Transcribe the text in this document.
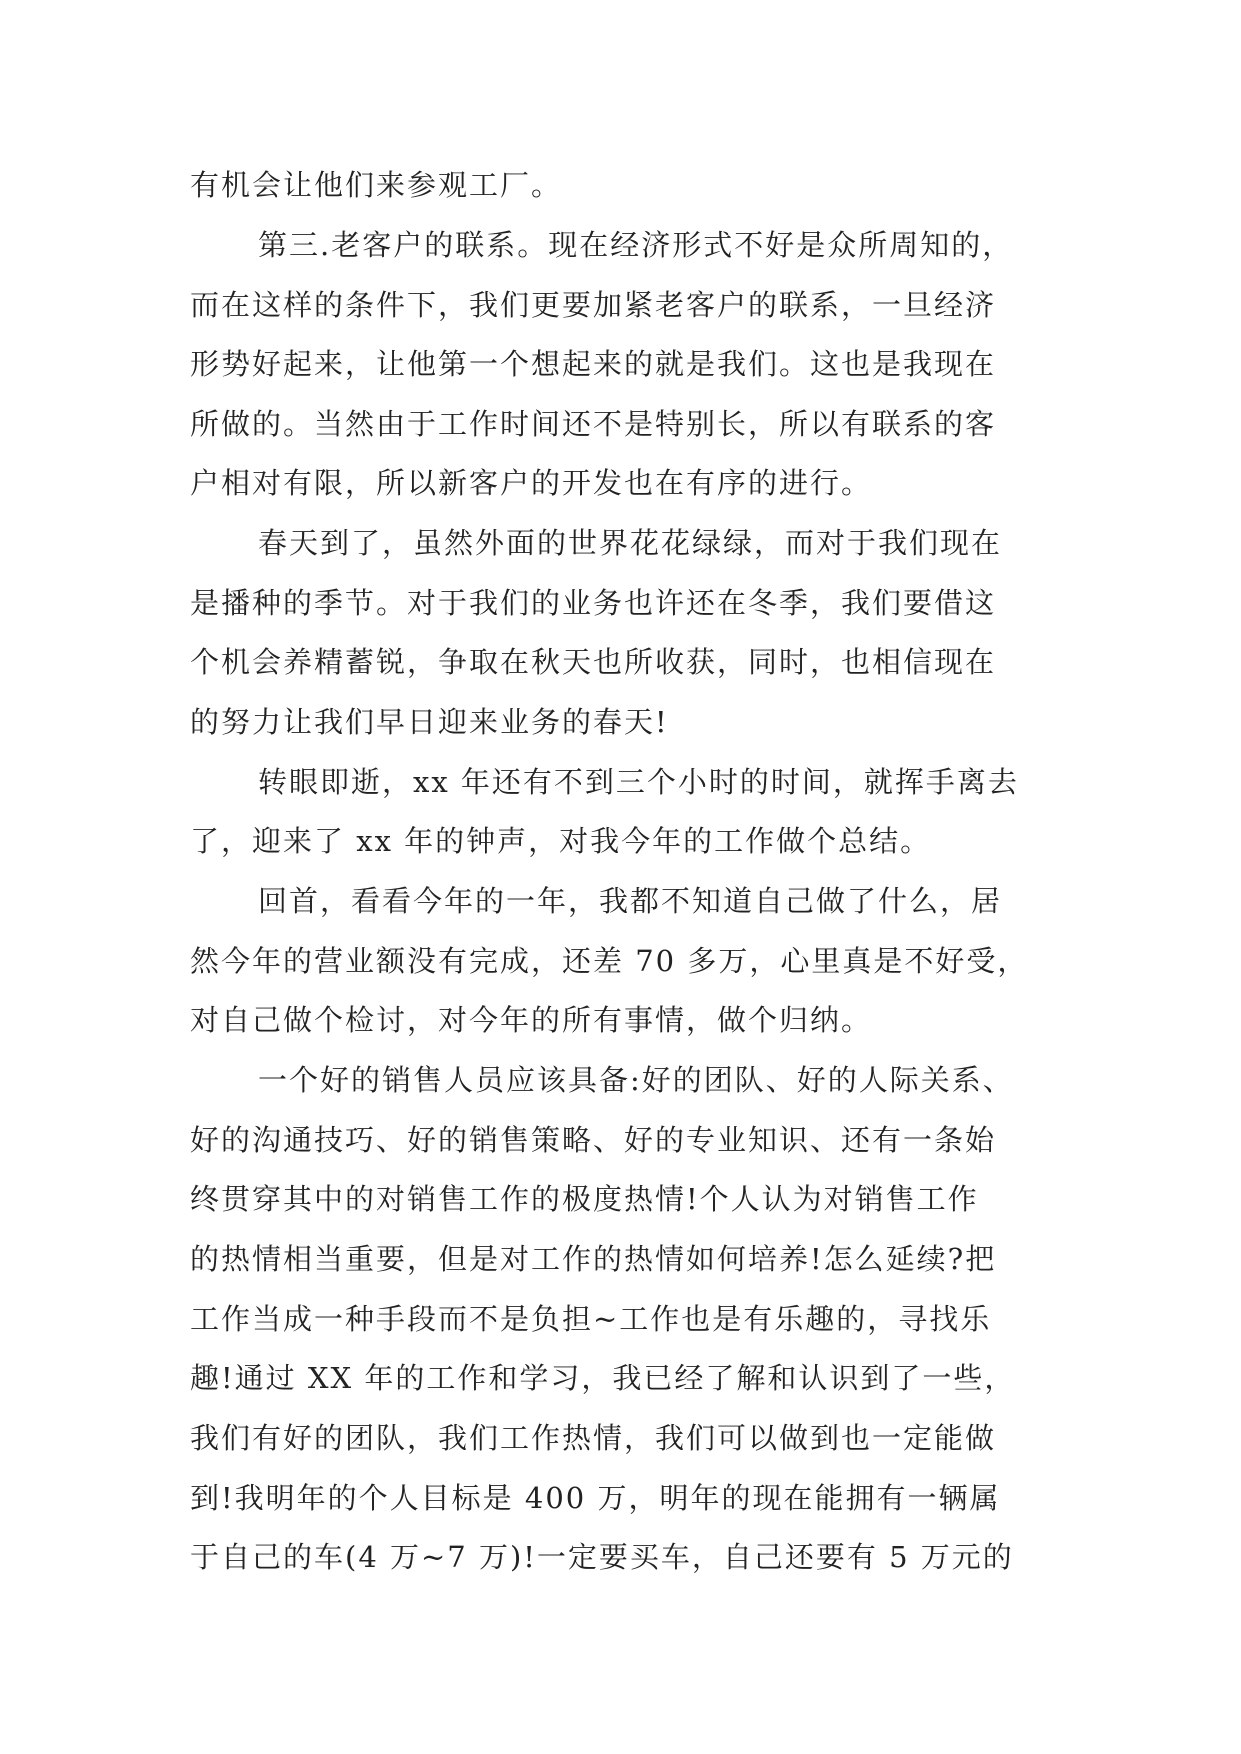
有机会让他们来参观工厂。
第三.老客户的联系。现在经济形式不好是众所周知的，
而在这样的条件下，我们更要加紧老客户的联系，一旦经济
形势好起来，让他第一个想起来的就是我们。这也是我现在
所做的。当然由于工作时间还不是特别长，所以有联系的客
户相对有限，所以新客户的开发也在有序的进行。
春天到了，虽然外面的世界花花绿绿，而对于我们现在
是播种的季节。对于我们的业务也许还在冬季，我们要借这
个机会养精蓄锐，争取在秋天也所收获，同时，也相信现在
的努力让我们早日迎来业务的春天!
转眼即逝，xx 年还有不到三个小时的时间，就挥手离去
了，迎来了 xx 年的钟声，对我今年的工作做个总结。
回首，看看今年的一年，我都不知道自己做了什么，居
然今年的营业额没有完成，还差 70 多万，心里真是不好受，
对自己做个检讨，对今年的所有事情，做个归纳。
一个好的销售人员应该具备:好的团队、好的人际关系、
好的沟通技巧、好的销售策略、好的专业知识、还有一条始
终贯穿其中的对销售工作的极度热情!个人认为对销售工作
的热情相当重要，但是对工作的热情如何培养!怎么延续?把
工作当成一种手段而不是负担~工作也是有乐趣的，寻找乐
趣!通过 XX 年的工作和学习，我已经了解和认识到了一些，
我们有好的团队，我们工作热情，我们可以做到也一定能做
到!我明年的个人目标是 400 万，明年的现在能拥有一辆属
于自己的车(4 万~7 万)!一定要买车，自己还要有 5 万元的
